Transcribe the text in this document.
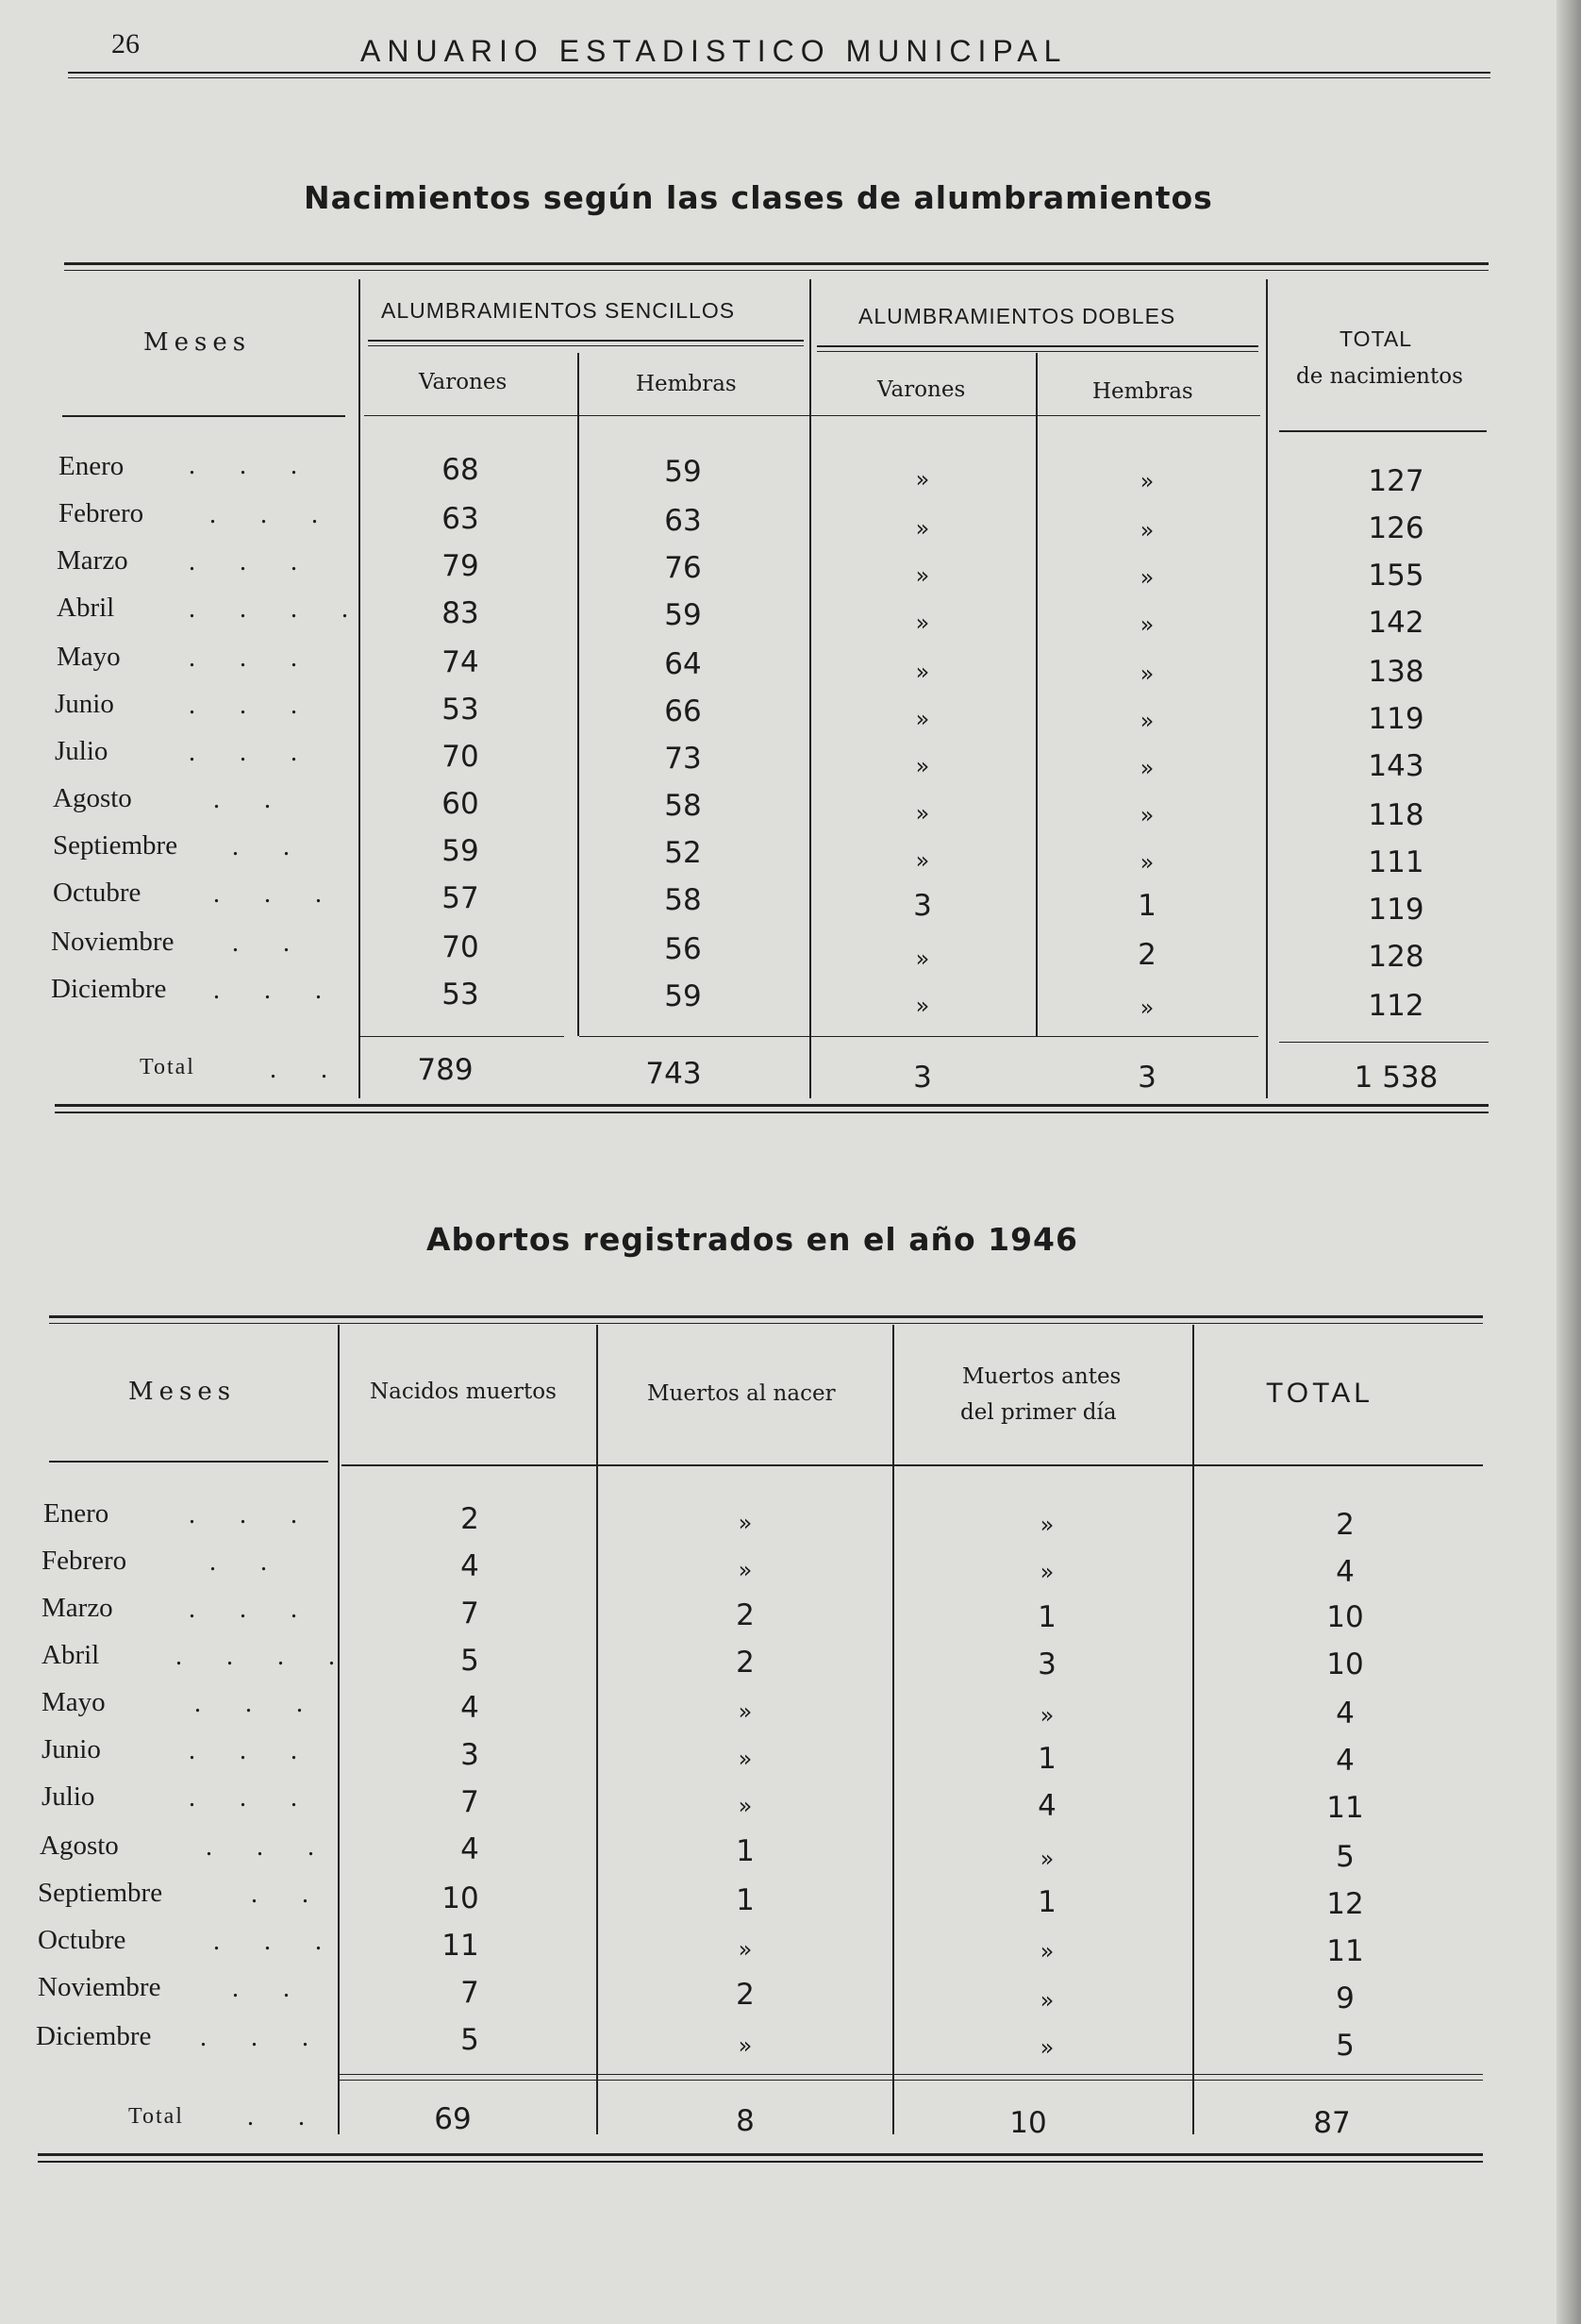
26	ANUARIO ESTADISTICO MUNICIPAL
Nacimientos según las clases de alumbramientos
Meses
ALUMBRAMIENTOS SENCILLOS	ALUMBRAMIENTOS DOBLES
Varones	Hembras	Varones	Hembras
TOTAL
de nacimientos
Enero . . .	68	59	»	»	127
Febrero . . .	63	63	»	»	126
Marzo . . .	79	76	»	»	155
Abril	. . . .	83	59	»	»	142
Mayo	. . .	74	64	»	»	138
Junio	. . .	53	66	»	»	119
Julio	. . .	70	73	»	»	143
Agosto	. .	60	58	»	»	118
Septiembre . .	59	52	»	»	111
Octubre	. . .	57	58	3	1	119
Noviembre . .	70	56	»	2	128
Diciembre . . .	53	59	»	»	112
Total	. .	789	743	3	3	1 538
Abortos registrados en el año 1946
Meses	Nacidos muertos	Muertos al nacer
Muertos antes
del primer día
TOTAL
Enero	. . .	2	»	»	2
Febrero	. .	4	»	»	4
Marzo	. . .	7	2	1	10
Abril	. . . .	5	2	3	10
Mayo	. . .	4	»	»	4
Junio	. . .	3	»	1	4
Julio	. . .	7	»	4	11
Agosto	. . .	4	1	»	5
Septiembre	. .	10	1	1	12
Octubre	. . .	11	»	»	11
Noviembre	. .	7	2	»	9
Diciembre . . .	5	»	»	5
Total . .	69	8	10	87
